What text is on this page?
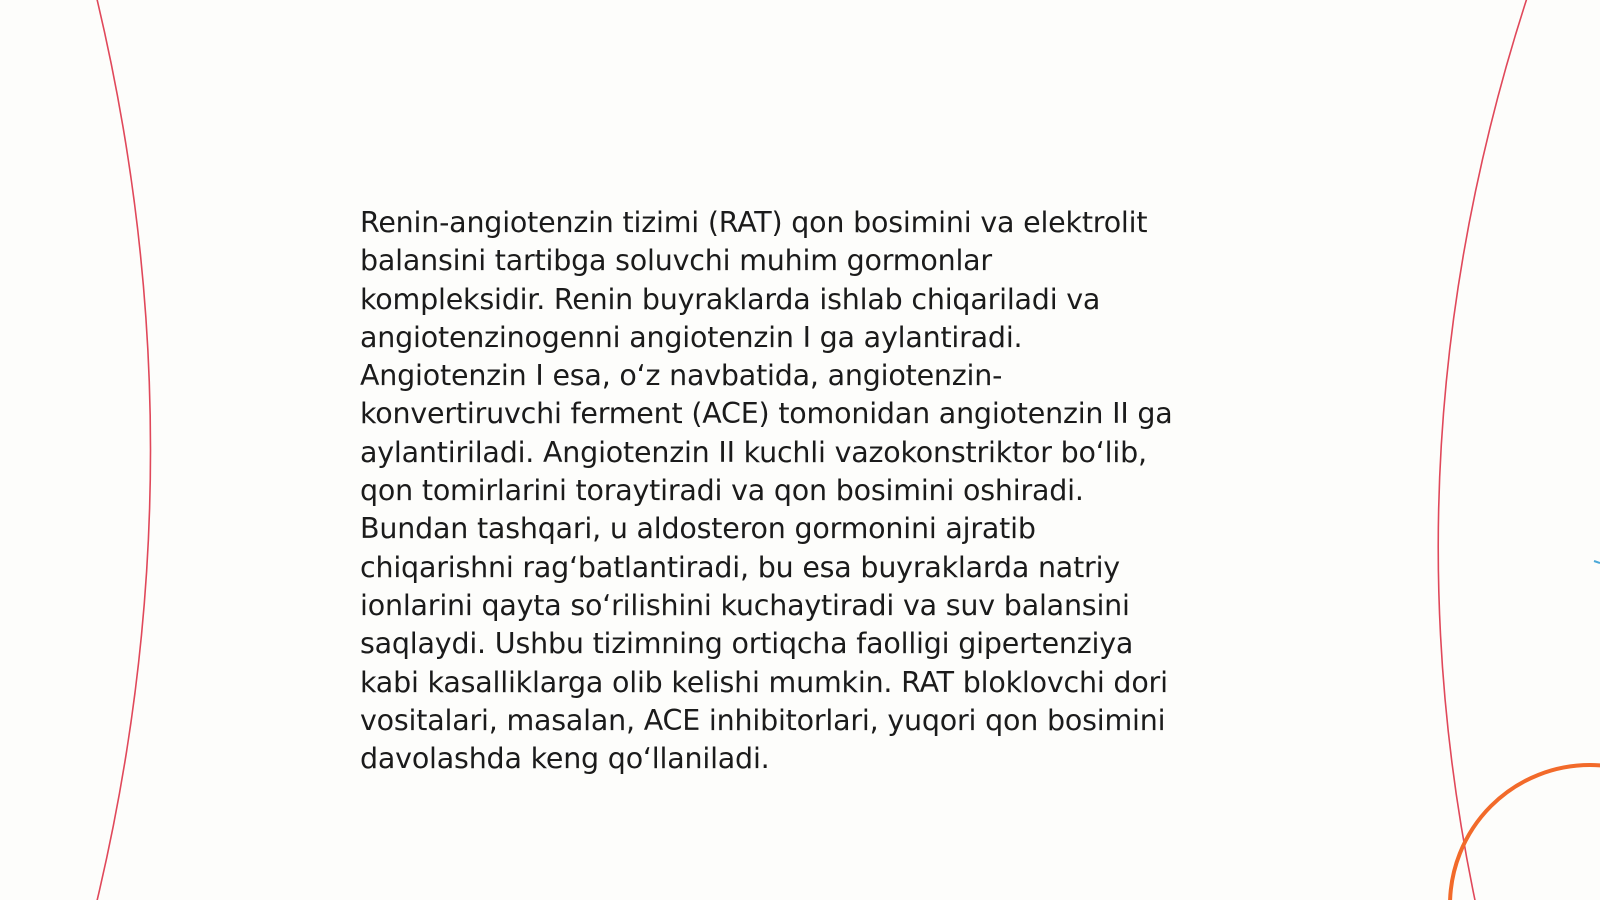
Renin-angiotenzin tizimi (RAT) qon bosimini va elektrolit
balansini tartibga soluvchi muhim gormonlar
kompleksidir. Renin buyraklarda ishlab chiqariladi va
angiotenzinogenni angiotenzin I ga aylantiradi.
Angiotenzin I esa, oʻz navbatida, angiotenzin-
konvertiruvchi ferment (ACE) tomonidan angiotenzin II ga
aylantiriladi. Angiotenzin II kuchli vazokonstriktor boʻlib,
qon tomirlarini toraytiradi va qon bosimini oshiradi.
Bundan tashqari, u aldosteron gormonini ajratib
chiqarishni ragʻbatlantiradi, bu esa buyraklarda natriy
ionlarini qayta soʻrilishini kuchaytiradi va suv balansini
saqlaydi. Ushbu tizimning ortiqcha faolligi gipertenziya
kabi kasalliklarga olib kelishi mumkin. RAT bloklovchi dori
vositalari, masalan, ACE inhibitorlari, yuqori qon bosimini
davolashda keng qoʻllaniladi.
